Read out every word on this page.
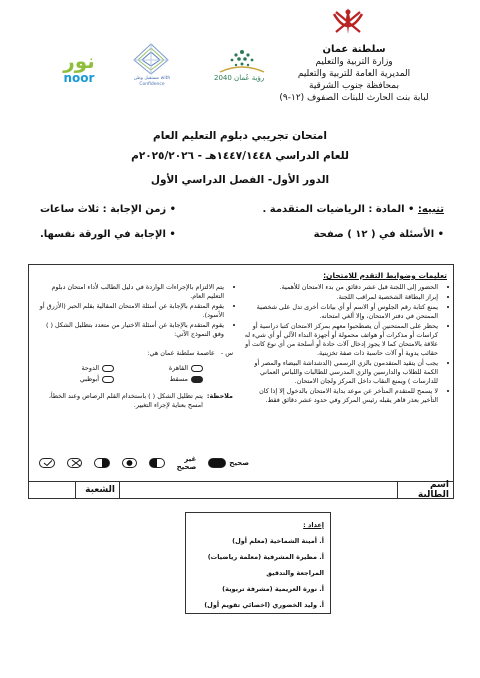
سلطنة عمان
وزارة التربية والتعليم
المديرية العامة للتربية والتعليم
بمحافظة جنوب الشرقية
لبابة بنت الحارث للبنات الصفوف (١٢-٩)
رؤية عُمان 2040
مستقبل وطن with Confidence
نور
noor
امتحان تجريبي دبلوم التعليم العام
للعام الدراسي ١٤٤٧/١٤٤٨هـ - ٢٠٢٥/٢٠٢٦م
الدور الأول- الفصل الدراسي الأول
تنبيه: • المادة : الرياضيات المتقدمة .
• زمن الإجابة : ثلاث ساعات
• الأسئلة في ( ١٢ ) صفحة
• الإجابة في الورقة نفسها.
تعليمات وضوابط التقدم للامتحان:
• الحضور إلى اللجنة قبل عشر دقائق من بدء الامتحان للأهمية.
• إبراز البطاقة الشخصية لمراقب اللجنة.
• يمنع كتابة رقم الجلوس أو الاسم أو أي بيانات أخرى تدل على شخصية الممتحن في دفتر الامتحان، وإلا ألغي امتحانه.
• يحظر على الممتحنين أن يصطحبوا معهم بمركز الامتحان كتبا دراسية أو كراسات أو مذكرات أو هواتف محمولة أو أجهزة النداء الآلي أو أي شيء له علاقة بالامتحان كما لا يجوز إدخال آلات حادة أو أسلحة من أي نوع كانت أو حقائب يدوية أو آلات حاسبة ذات صفة تخزينية.
• يجب أن يتقيد المتقدمون بالزي الرسمي (الدشداشة البيضاء والمصر أو الكمة للطلاب والدارسين والزي المدرسي للطالبات واللباس العماني للدارسات ) ويمنع النقاب داخل المركز ولجان الامتحان.
• لا يسمح للمتقدم المتأخر عن موعد بداية الامتحان بالدخول إلا إذا كان التأخير بعذر قاهر يقبله رئيس المركز وفي حدود عشر دقائق فقط.
• يتم الالتزام بالإجراءات الواردة في دليل الطالب لأداء امتحان دبلوم التعليم العام.
• يقوم المتقدم بالإجابة عن أسئلة الامتحان المقالية بقلم الحبر (الأزرق أو الأسود).
• يقوم المتقدم بالإجابة عن أسئلة الاختيار من متعدد بتظليل الشكل ( ) وفق النموذج الآتي:
س -
عاصمة سلطنة عمان هي:
القاهرة
الدوحة
مسقط
أبوظبي
ملاحظة:
يتم تظليل الشكل ( ) باستخدام القلم الرصاص وعند الخطأ، امسح بعناية لإجراء التغيير.
صحيح
غير صحيح
اسم الطالبة
الشعبة
إعداد :
أ. أمينة الشماخية (معلم أول)
أ. مظيرة المشرفية (معلمة رياضيات)
المراجعة والتدقيق
أ. نورة العريمية (مشرفة تربوية)
أ. وليد الخضوري (اخصائي تقويم أول)
